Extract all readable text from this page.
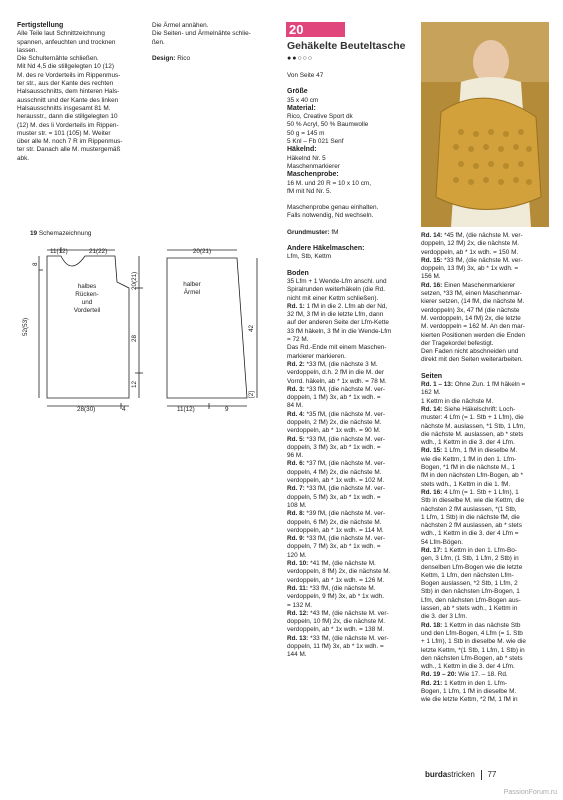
Fertigstellung

Alle Teile laut Schnittzeichnung

spannen, anfeuchten und trocknen

lassen.

Die Schulternähte schließen.

Mit Nd 4,5 die stillgelegten 10 (12)

M. des re Vorderteils im Rippenmus-

ter str., aus der Kante des rechten

Halsausschnitts, dem hinteren Hals-

ausschnitt und der Kante des linken

Halsausschnitts insgesamt 81 M.

herausstr., dann die stillgelegten 10

(12) M. des li Vorderteils im Rippen-

muster str. = 101 (105) M. Weiter

über alle M. noch 7 R im Rippenmus-

ter str. Danach alle M. mustergemäß

abk.

Die Ärmel annähen.

Die Seiten- und Ärmelnähte schlie-

ßen.

Design: Rico

19 Schemazeichnung
11(12)	21(22)
8
52(53)
20(21)
28
12
28(30)	4
halbes
Rücken-
und
Vorderteil
20(21)
halber
Ärmel
42
[2]
11(12)	9
20
Gehäkelte Beuteltasche
●●○○○

Von Seite 47

Größe

35 x 40 cm

Material:

Rico, Creative Sport dk

50 % Acryl, 50 % Baumwolle

50 g = 145 m

5 Knl – Fb 021 Senf

Häkelnd:

Häkelnd Nr. 5

Maschenmarkierer

Maschenprobe:

16 M. und 20 R = 10 x 10 cm,

fM mit Nd Nr. 5.

Maschenprobe genau einhalten.

Falls notwendig, Nd wechseln.

Grundmuster: fM

Andere Häkelmaschen:

Lfm, Stb, Kettm

Boden

35 Lfm + 1 Wende-Lfm anschl. und

Spiralrunden weiterhäkeln (die Rd.

nicht mit einer Kettm schließen).

Rd. 1: 1 fM in die 2. Lfm ab der Nd,

32 fM, 3 fM in die letzte Lfm, dann

auf der anderen Seite der Lfm-Kette

33 fM häkeln, 3 fM in die Wende-Lfm

= 72 M.

Das Rd.-Ende mit einem Maschen-

markierer markieren.

Rd. 2: *33 fM, (die nächste 3 M.

verdoppeln, d.h. 2 fM in die M. der

Vorrd. häkeln, ab * 1x wdh. = 78 M.

Rd. 3: *33 fM, (die nächste M. ver-

doppeln, 1 fM) 3x, ab * 1x wdh. =

84 M.

Rd. 4: *35 fM, (die nächste M. ver-

doppeln, 2 fM) 2x, die nächste M.

verdoppeln, ab * 1x wdh. = 90 M.

Rd. 5: *33 fM, (die nächste M. ver-

doppeln, 3 fM) 3x, ab * 1x wdh. =

96 M.

Rd. 6: *37 fM, (die nächste M. ver-

doppeln, 4 fM) 2x, die nächste M.

verdoppeln, ab * 1x wdh. = 102 M.

Rd. 7: *33 fM, (die nächste M. ver-

doppeln, 5 fM) 3x, ab * 1x wdh. =

108 M.

Rd. 8: *39 fM, (die nächste M. ver-

doppeln, 6 fM) 2x, die nächste M.

verdoppeln, ab * 1x wdh. = 114 M.

Rd. 9: *33 fM, (die nächste M. ver-

doppeln, 7 fM) 3x, ab * 1x wdh. =

120 M.

Rd. 10: *41 fM, (die nächste M.

verdoppeln, 8 fM) 2x, die nächste M.

verdoppeln, ab * 1x wdh. = 126 M.

Rd. 11: *33 fM, (die nächste M.

verdoppeln, 9 fM) 3x, ab * 1x wdh.

= 132 M.

Rd. 12: *43 fM, (die nächste M. ver-

doppeln, 10 fM) 2x, die nächste M.

verdoppeln, ab * 1x wdh. = 138 M.

Rd. 13: *33 fM, (die nächste M. ver-

doppeln, 11 fM) 3x, ab * 1x wdh. =

144 M.

Rd. 14: *45 fM, (die nächste M. ver-

doppeln, 12 fM) 2x, die nächste M.

verdoppeln, ab * 1x wdh. = 150 M.

Rd. 15: *33 fM, (die nächste M. ver-

doppeln, 13 fM) 3x, ab * 1x wdh. =

156 M.

Rd. 16: Einen Maschenmarkierer

setzen, *33 fM, einen Maschenmar-

kierer setzen, (14 fM, die nächste M.

verdoppeln) 3x, 47 fM (die nächste

M. verdoppeln, 14 fM) 2x, die letzte

M. verdoppeln = 162 M. An den mar-

kierten Positionen werden die Enden

der Tragekordel befestigt.

Den Faden nicht abschneiden und

direkt mit den Seiten weiterarbeiten.

Seiten

Rd. 1 – 13: Ohne Zun. 1 fM häkeln =

162 M.

1 Kettm in die nächste M.

Rd. 14: Siehe Häkelschrift: Loch-

muster: 4 Lfm (= 1. Stb + 1 Lfm), die

nächste M. auslassen, *1 Stb, 1 Lfm,

die nächste M. auslassen, ab * stets

wdh., 1 Kettm in die 3. der 4 Lfm.

Rd. 15: 1 Lfm, 1 fM in dieselbe M.

wie die Kettm, 1 fM in den 1. Lfm-

Bogen, *1 fM in die nächste M., 1

fM in den nächsten Lfm-Bogen, ab *

stets wdh., 1 Kettm in die 1. fM.

Rd. 16: 4 Lfm (= 1. Stb + 1 Lfm), 1

Stb in dieselbe M. wie die Kettm, die

nächsten 2 fM auslassen, *(1 Stb,

1 Lfm, 1 Stb) in die nächste fM, die

nächsten 2 fM auslassen, ab * stets

wdh., 1 Kettm in die 3. der 4 Lfm =

54 Lfm-Bögen.

Rd. 17: 1 Kettm in den 1. Lfm-Bo-

gen, 3 Lfm, (1 Stb, 1 Lfm, 2 Stb) in

denselben Lfm-Bogen wie die letzte

Kettm, 1 Lfm, den nächsten Lfm-

Bogen auslassen, *2 Stb, 1 Lfm, 2

Stb) in den nächsten Lfm-Bogen, 1

Lfm, den nächsten Lfm-Bogen aus-

lassen, ab * stets wdh., 1 Kettm in

die 3. der 3 Lfm.

Rd. 18: 1 Kettm in das nächste Stb

und den Lfm-Bogen, 4 Lfm (= 1. Stb

+ 1 Lfm), 1 Stb in dieselbe M. wie die

letzte Kettm, *(1 Stb, 1 Lfm, 1 Stb) in

den nächsten Lfm-Bogen, ab * stets

wdh., 1 Kettm in die 3. der 4 Lfm.

Rd. 19 – 20: Wie 17. – 18. Rd.

Rd. 21: 1 Kettm in den 1. Lfm-

Bogen, 1 Lfm, 1 fM in dieselbe M.

wie die letzte Kettm, *2 fM, 1 fM in

burdastricken 77
PassionForum.ru
